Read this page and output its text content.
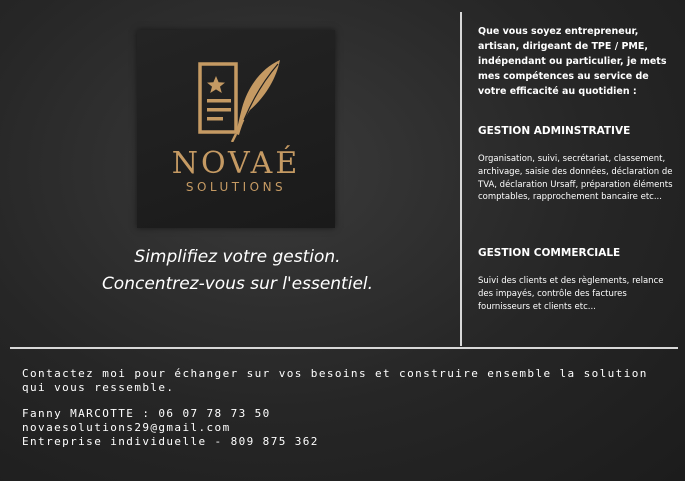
NOVAÉ
SOLUTIONS
Simplifiez votre gestion.
Concentrez-vous sur l'essentiel.

Que vous soyez entrepreneur, artisan, dirigeant de TPE / PME, indépendant ou particulier, je mets mes compétences au service de votre efficacité au quotidien :

GESTION ADMINSTRATIVE
Organisation, suivi, secrétariat, classement, archivage, saisie des données, déclaration de TVA, déclaration Ursaff, préparation éléments comptables, rapprochement bancaire etc...
GESTION COMMERCIALE
Suivi des clients et des règlements, relance des impayés, contrôle des factures fournisseurs et clients etc...

Contactez moi pour échanger sur vos besoins et construire ensemble la solution qui vous ressemble.

Fanny MARCOTTE : 06 07 78 73 50
novaesolutions29@gmail.com
Entreprise individuelle - 809 875 362
